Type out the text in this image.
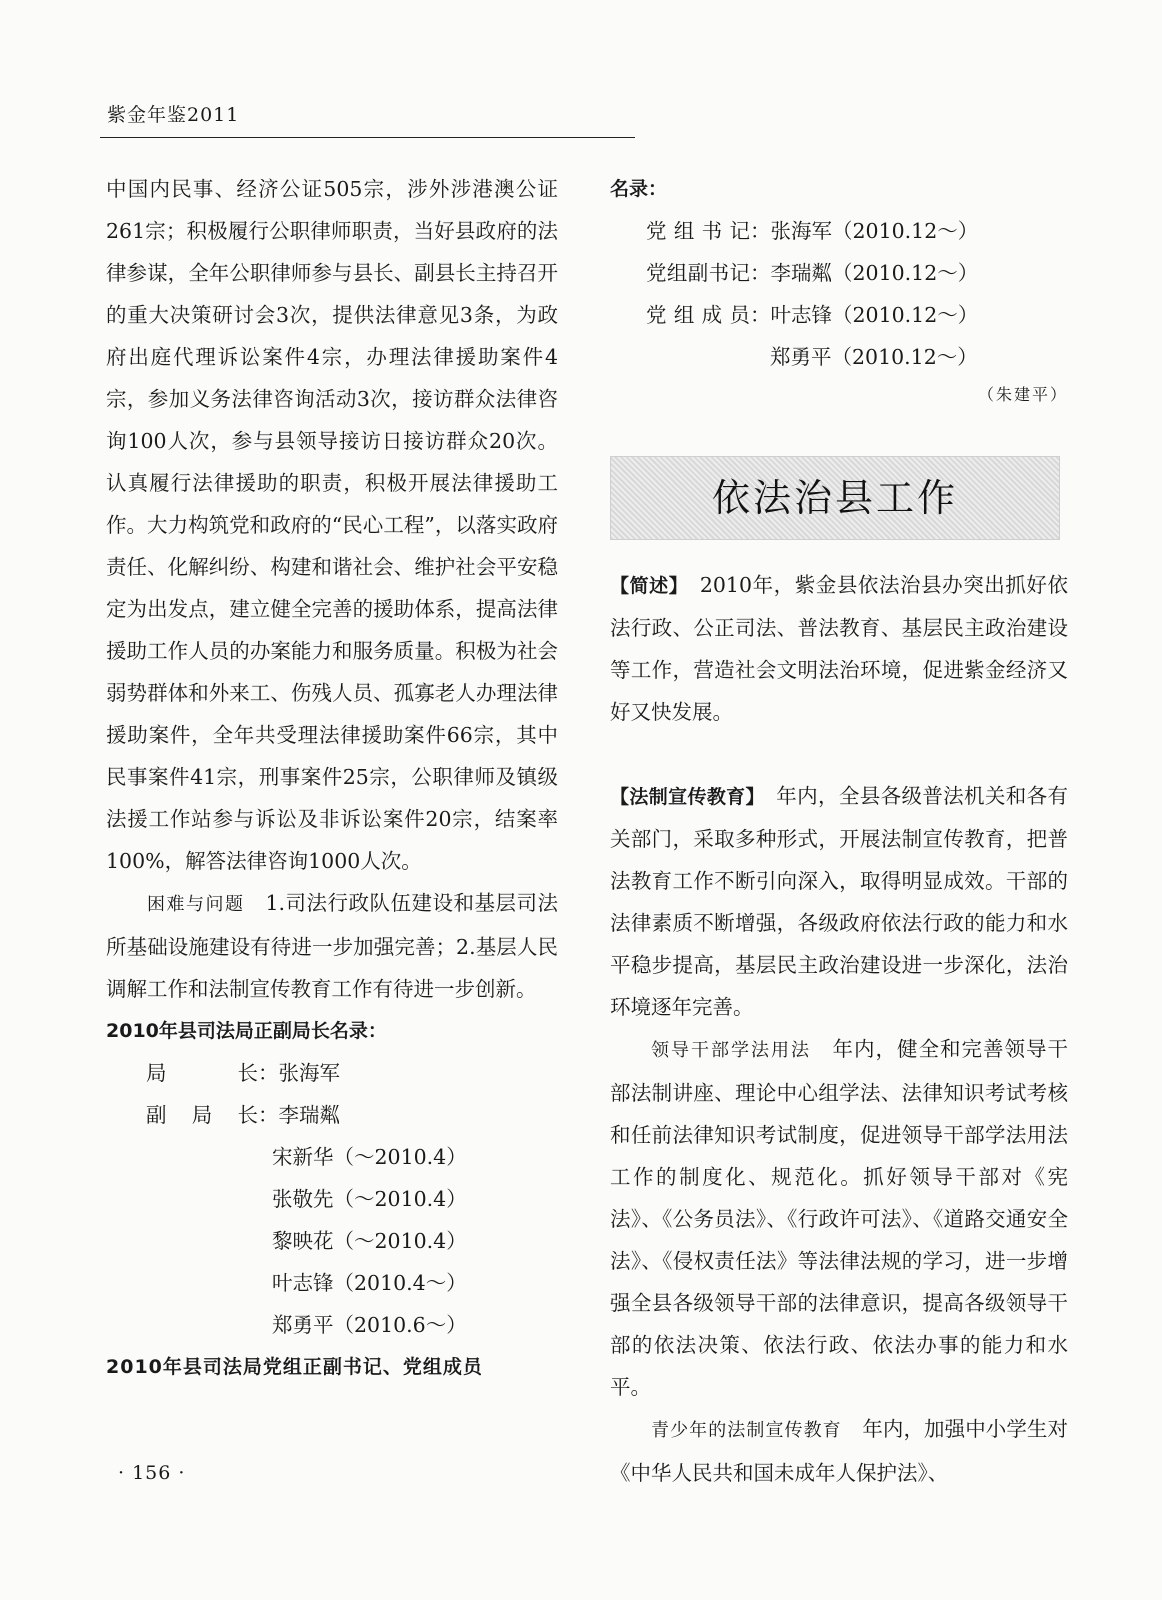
紫金年鉴2011

中国内民事、经济公证505宗，涉外涉港澳公证261宗；积极履行公职律师职责，当好县政府的法律参谋，全年公职律师参与县长、副县长主持召开的重大决策研讨会3次，提供法律意见3条，为政府出庭代理诉讼案件4宗，办理法律援助案件4宗，参加义务法律咨询活动3次，接访群众法律咨询100人次，参与县领导接访日接访群众20次。认真履行法律援助的职责，积极开展法律援助工作。大力构筑党和政府的“民心工程”，以落实政府责任、化解纠纷、构建和谐社会、维护社会平安稳定为出发点，建立健全完善的援助体系，提高法律援助工作人员的办案能力和服务质量。积极为社会弱势群体和外来工、伤残人员、孤寡老人办理法律援助案件，全年共受理法律援助案件66宗，其中民事案件41宗，刑事案件25宗，公职律师及镇级法援工作站参与诉讼及非诉讼案件20宗，结案率100%，解答法律咨询1000人次。

困难与问题　 1.司法行政队伍建设和基层司法所基础设施建设有待进一步加强完善；2.基层人民调解工作和法制宣传教育工作有待进一步创新。

2010年县司法局正副局长名录：

局　　长 ： 张海军
副 局 长 ： 李瑞粼
宋新华（～2010.4）
张敬先（～2010.4）
黎映花（～2010.4）
叶志锋（2010.4～）
郑勇平（2010.6～）

2010年县司法局党组正副书记、党组成员

名录：

党组书记 ： 张海军（2010.12～）
党组副书记 ： 李瑞粼（2010.12～）
党组成员 ： 叶志锋（2010.12～）
郑勇平（2010.12～）
（朱建平）
依法治县工作

【简述】　 2010年，紫金县依法治县办突出抓好依法行政、公正司法、普法教育、基层民主政治建设等工作，营造社会文明法治环境，促进紫金经济又好又快发展。

【法制宣传教育】　 年内，全县各级普法机关和各有关部门，采取多种形式，开展法制宣传教育，把普法教育工作不断引向深入，取得明显成效。干部的法律素质不断增强，各级政府依法行政的能力和水平稳步提高，基层民主政治建设进一步深化，法治环境逐年完善。

领导干部学法用法　 年内，健全和完善领导干部法制讲座、理论中心组学法、法律知识考试考核和任前法律知识考试制度，促进领导干部学法用法工作的制度化、规范化。抓好领导干部对《宪法》、《公务员法》、《行政许可法》、《道路交通安全法》、《侵权责任法》等法律法规的学习，进一步增强全县各级领导干部的法律意识，提高各级领导干部的依法决策、依法行政、依法办事的能力和水平。

青少年的法制宣传教育　 年内，加强中小学生对《中华人民共和国未成年人保护法》、

· 156 ·
